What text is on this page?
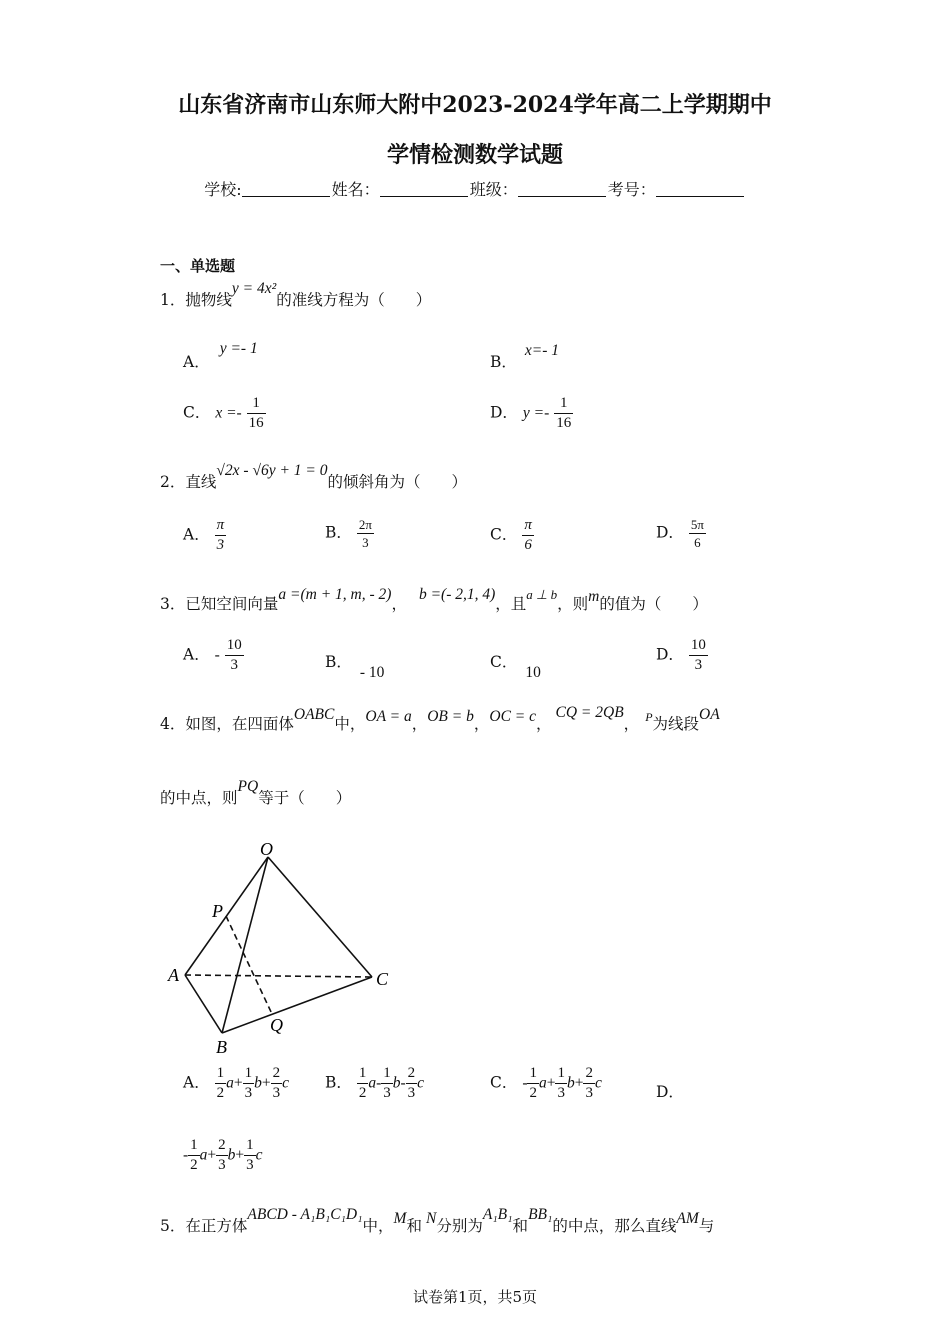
山东省济南市山东师大附中2023-2024学年高二上学期期中
学情检测数学试题
学校:	姓名：	班级：	考号：
一、单选题
1．抛物线y = 4x²的准线方程为（　　）
A．y =- 1
B．x=- 1
C． $x =- \frac{1}{16}$	D． $y =- \frac{1}{16}$
2．直线√2x - √6y + 1 = 0的倾斜角为（　　）
A． $\frac{\pi}{3}$	B． $\frac{2\pi}{3}$	C． $\frac{\pi}{6}$	D． $\frac{5\pi}{6}$
3．已知空间向量a =(m + 1, m, - 2)，b =(- 2,1, 4)，且$^{a \perp b}$，则m的值为（　　）
A． - $\frac{10}{3}$	B．- 10
C．10
D． $\frac{10}{3}$
4．如图，在四面体OABC中，OA = a，OB = b，OC = c，CQ = 2QB， $^P$为线段OA
的中点，则PQ等于（　　）
O
P
A	C
Q
B
A． $\frac{1}{2} a+ \frac{1}{3} b+ \frac{2}{3}$ c B． $\frac{1}{2} a- \frac{1}{3} b- \frac{2}{3}$ c	C． - $\frac{1}{2} a+ \frac{1}{3} b+ \frac{2}{3}$ c	D．
- $\frac{1}{2} a+ \frac{2}{3} b+ \frac{1}{3}$ c
5．在正方体ABCD - A₁B₁C₁D₁中，M和 N分别为A₁B₁和BB₁的中点，那么直线AM与
试卷第1页，共5页
